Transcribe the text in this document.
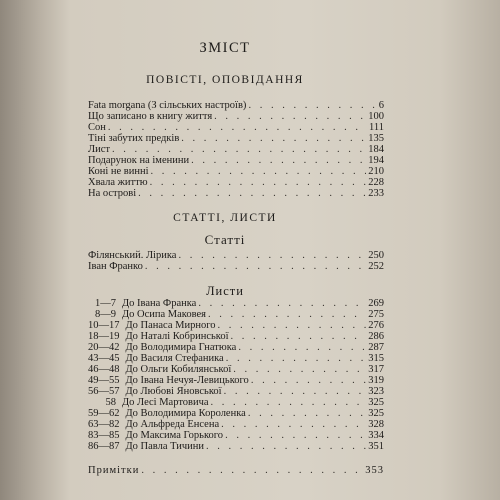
ЗМІСТ
ПОВІСТІ, ОПОВІДАННЯ
Fata morgana (З сільських настроїв) . . .	6
Що записано в книгу життя . . .	100
Сон . . .	111
Тіні забутих предків . . .	135
Лист . . .	184
Подарунок на іменини . . .	194
Коні не винні . . .	210
Хвала життю . . .	228
На острові . . .	233
СТАТТІ, ЛИСТИ
Статті
Філянський. Лірика . . .	250
Іван Франко . . .	252
Листи
1—7 До Івана Франка . . .	269
8—9 До Осипа Маковея . . .	275
10—17 До Панаса Мирного . . .	276
18—19 До Наталі Кобринської . . .	286
20—42 До Володимира Гнатюка . . .	287
43—45 До Василя Стефаника . . .	315
46—48 До Ольги Кобилянської . . .	317
49—55 До Івана Нечуя-Левицького . . .	319
56—57 До Любові Яновської . . .	323
58 До Лесі Мартовича . . .	325
59—62 До Володимира Короленка . . .	325
63—82 До Альфреда Енсена . . .	328
83—85 До Максима Горького . . .	334
86—87 До Павла Тичини . . .	351
Примітки . . .	353
